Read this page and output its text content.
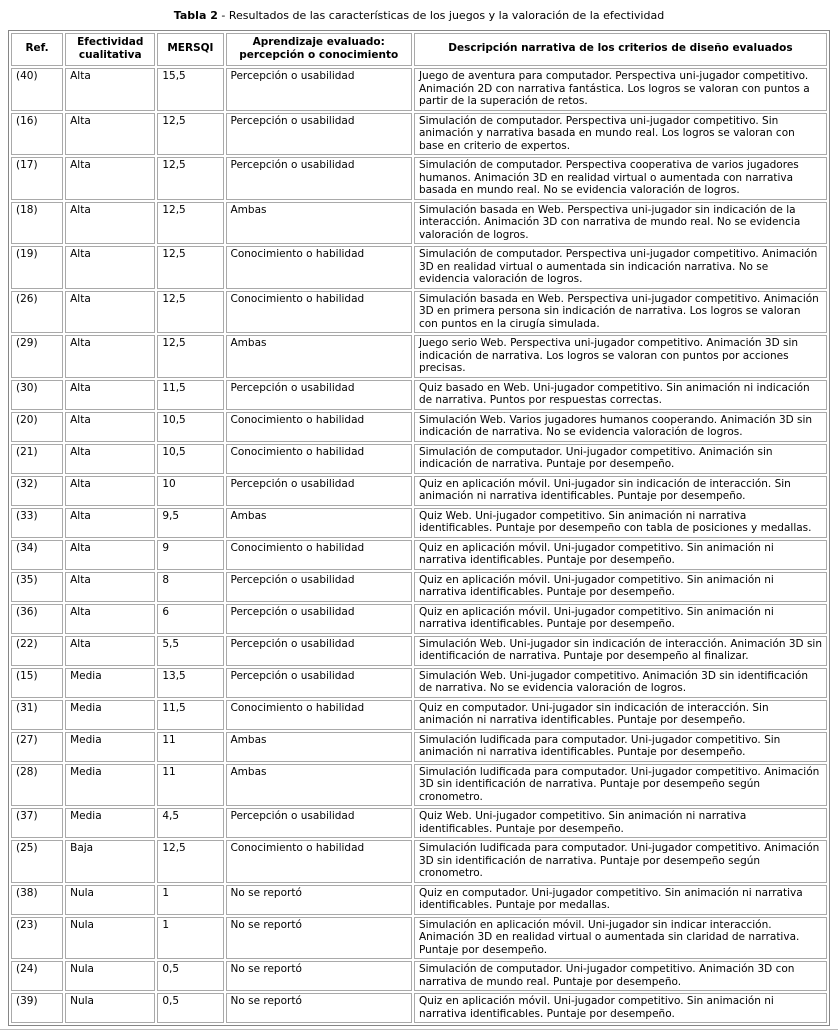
Tabla 2 - Resultados de las características de los juegos y la valoración de la efectividad
Ref.	Efectividad cualitativa	MERSQI	Aprendizaje evaluado: percepción o conocimiento	Descripción narrativa de los criterios de diseño evaluados
(40)	Alta	15,5	Percepción o usabilidad	Juego de aventura para computador. Perspectiva uni-jugador competitivo. Animación 2D con narrativa fantástica. Los logros se valoran con puntos a partir de la superación de retos.
(16)	Alta	12,5	Percepción o usabilidad	Simulación de computador. Perspectiva uni-jugador competitivo. Sin animación y narrativa basada en mundo real. Los logros se valoran con base en criterio de expertos.
(17)	Alta	12,5	Percepción o usabilidad	Simulación de computador. Perspectiva cooperativa de varios jugadores humanos. Animación 3D en realidad virtual o aumentada con narrativa basada en mundo real. No se evidencia valoración de logros.
(18)	Alta	12,5	Ambas	Simulación basada en Web. Perspectiva uni-jugador sin indicación de la interacción. Animación 3D con narrativa de mundo real. No se evidencia valoración de logros.
(19)	Alta	12,5	Conocimiento o habilidad	Simulación de computador. Perspectiva uni-jugador competitivo. Animación 3D en realidad virtual o aumentada sin indicación narrativa. No se evidencia valoración de logros.
(26)	Alta	12,5	Conocimiento o habilidad	Simulación basada en Web. Perspectiva uni-jugador competitivo. Animación 3D en primera persona sin indicación de narrativa. Los logros se valoran con puntos en la cirugía simulada.
(29)	Alta	12,5	Ambas	Juego serio Web. Perspectiva uni-jugador competitivo. Animación 3D sin indicación de narrativa. Los logros se valoran con puntos por acciones precisas.
(30)	Alta	11,5	Percepción o usabilidad	Quiz basado en Web. Uni-jugador competitivo. Sin animación ni indicación de narrativa. Puntos por respuestas correctas.
(20)	Alta	10,5	Conocimiento o habilidad	Simulación Web. Varios jugadores humanos cooperando. Animación 3D sin indicación de narrativa. No se evidencia valoración de logros.
(21)	Alta	10,5	Conocimiento o habilidad	Simulación de computador. Uni-jugador competitivo. Animación sin indicación de narrativa. Puntaje por desempeño.
(32)	Alta	10	Percepción o usabilidad	Quiz en aplicación móvil. Uni-jugador sin indicación de interacción. Sin animación ni narrativa identificables. Puntaje por desempeño.
(33)	Alta	9,5	Ambas	Quiz Web. Uni-jugador competitivo. Sin animación ni narrativa identificables. Puntaje por desempeño con tabla de posiciones y medallas.
(34)	Alta	9	Conocimiento o habilidad	Quiz en aplicación móvil. Uni-jugador competitivo. Sin animación ni narrativa identificables. Puntaje por desempeño.
(35)	Alta	8	Percepción o usabilidad	Quiz en aplicación móvil. Uni-jugador competitivo. Sin animación ni narrativa identificables. Puntaje por desempeño.
(36)	Alta	6	Percepción o usabilidad	Quiz en aplicación móvil. Uni-jugador competitivo. Sin animación ni narrativa identificables. Puntaje por desempeño.
(22)	Alta	5,5	Percepción o usabilidad	Simulación Web. Uni-jugador sin indicación de interacción. Animación 3D sin identificación de narrativa. Puntaje por desempeño al finalizar.
(15)	Media	13,5	Percepción o usabilidad	Simulación Web. Uni-jugador competitivo. Animación 3D sin identificación de narrativa. No se evidencia valoración de logros.
(31)	Media	11,5	Conocimiento o habilidad	Quiz en computador. Uni-jugador sin indicación de interacción. Sin animación ni narrativa identificables. Puntaje por desempeño.
(27)	Media	11	Ambas	Simulación ludificada para computador. Uni-jugador competitivo. Sin animación ni narrativa identificables. Puntaje por desempeño.
(28)	Media	11	Ambas	Simulación ludificada para computador. Uni-jugador competitivo. Animación 3D sin identificación de narrativa. Puntaje por desempeño según cronometro.
(37)	Media	4,5	Percepción o usabilidad	Quiz Web. Uni-jugador competitivo. Sin animación ni narrativa identificables. Puntaje por desempeño.
(25)	Baja	12,5	Conocimiento o habilidad	Simulación ludificada para computador. Uni-jugador competitivo. Animación 3D sin identificación de narrativa. Puntaje por desempeño según cronometro.
(38)	Nula	1	No se reportó	Quiz en computador. Uni-jugador competitivo. Sin animación ni narrativa identificables. Puntaje por medallas.
(23)	Nula	1	No se reportó	Simulación en aplicación móvil. Uni-jugador sin indicar interacción. Animación 3D en realidad virtual o aumentada sin claridad de narrativa. Puntaje por desempeño.
(24)	Nula	0,5	No se reportó	Simulación de computador. Uni-jugador competitivo. Animación 3D con narrativa de mundo real. Puntaje por desempeño.
(39)	Nula	0,5	No se reportó	Quiz en aplicación móvil. Uni-jugador competitivo. Sin animación ni narrativa identificables. Puntaje por desempeño.
